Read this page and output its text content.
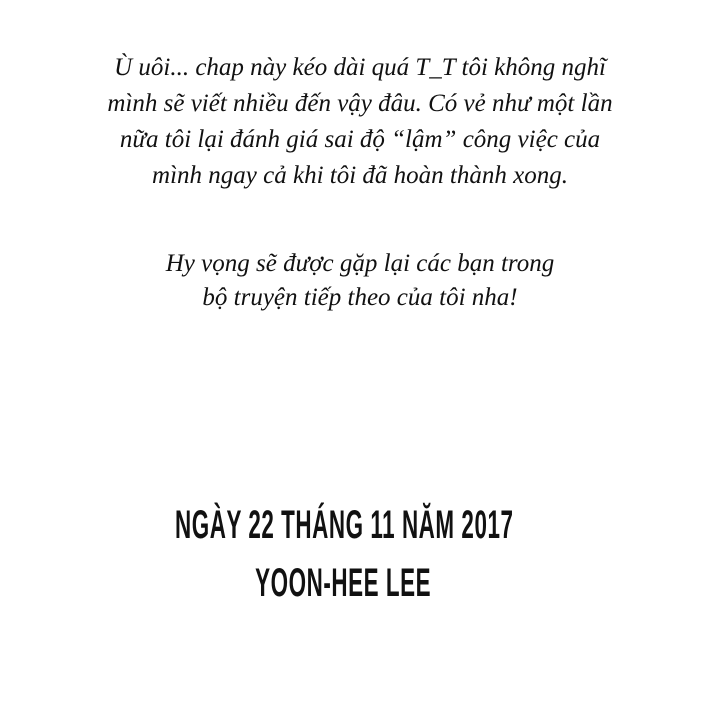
Ù uôi... chap này kéo dài quá T_T tôi không nghĩ
mình sẽ viết nhiều đến vậy đâu. Có vẻ như một lần
nữa tôi lại đánh giá sai độ “lậm” công việc của
mình ngay cả khi tôi đã hoàn thành xong.
Hy vọng sẽ được gặp lại các bạn trong
bộ truyện tiếp theo của tôi nha!
NGÀY 22 THÁNG 11 NĂM 2017
YOON-HEE LEE
